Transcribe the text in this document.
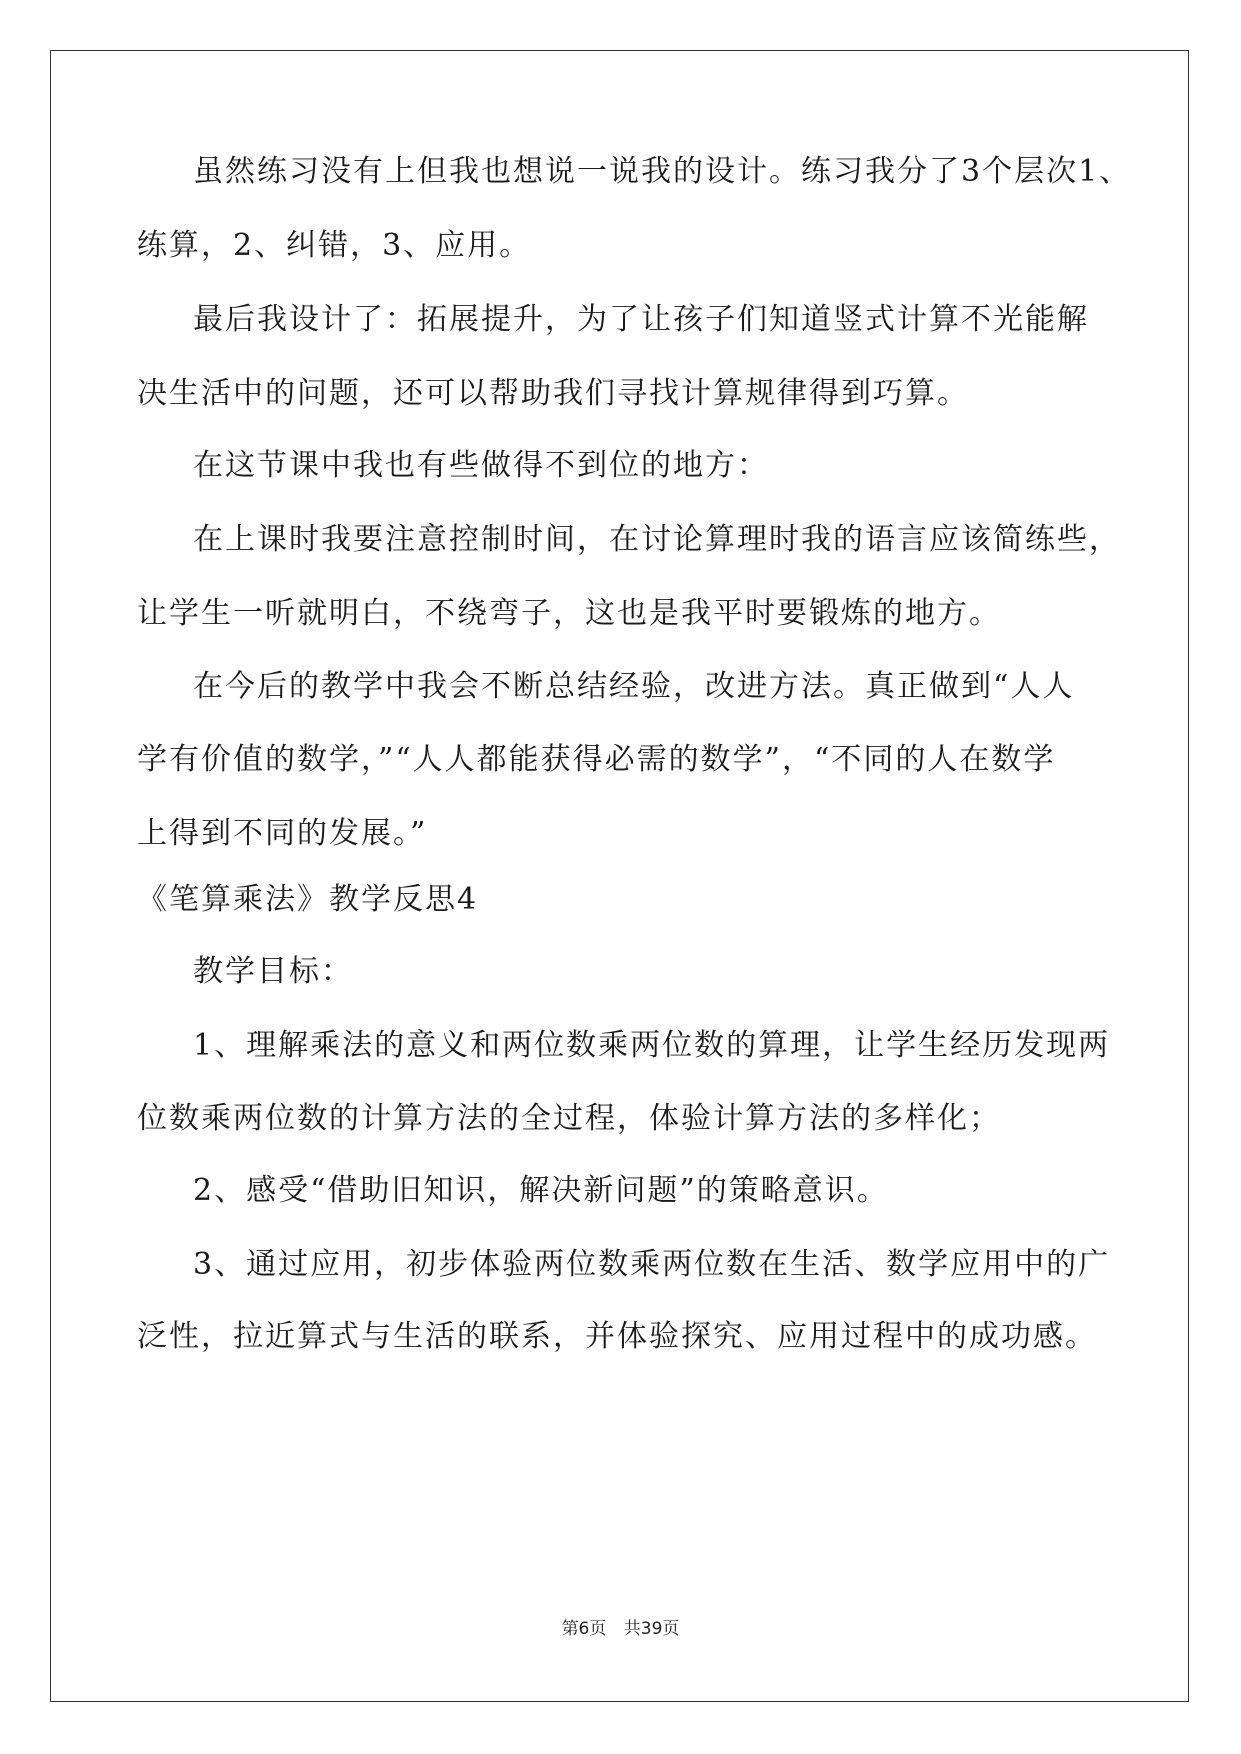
虽然练习没有上但我也想说一说我的设计。练习我分了3个层次1、
练算，2、纠错，3、应用。
最后我设计了：拓展提升，为了让孩子们知道竖式计算不光能解
决生活中的问题，还可以帮助我们寻找计算规律得到巧算。
在这节课中我也有些做得不到位的地方：
在上课时我要注意控制时间，在讨论算理时我的语言应该简练些，
让学生一听就明白，不绕弯子，这也是我平时要锻炼的地方。
在今后的教学中我会不断总结经验，改进方法。真正做到“人人
学有价值的数学，”“人人都能获得必需的数学”，“不同的人在数学
上得到不同的发展。”
《笔算乘法》教学反思4
教学目标：
1、理解乘法的意义和两位数乘两位数的算理，让学生经历发现两
位数乘两位数的计算方法的全过程，体验计算方法的多样化；
2、感受“借助旧知识，解决新问题”的策略意识。
3、通过应用，初步体验两位数乘两位数在生活、数学应用中的广
泛性，拉近算式与生活的联系，并体验探究、应用过程中的成功感。
第6页 共39页
